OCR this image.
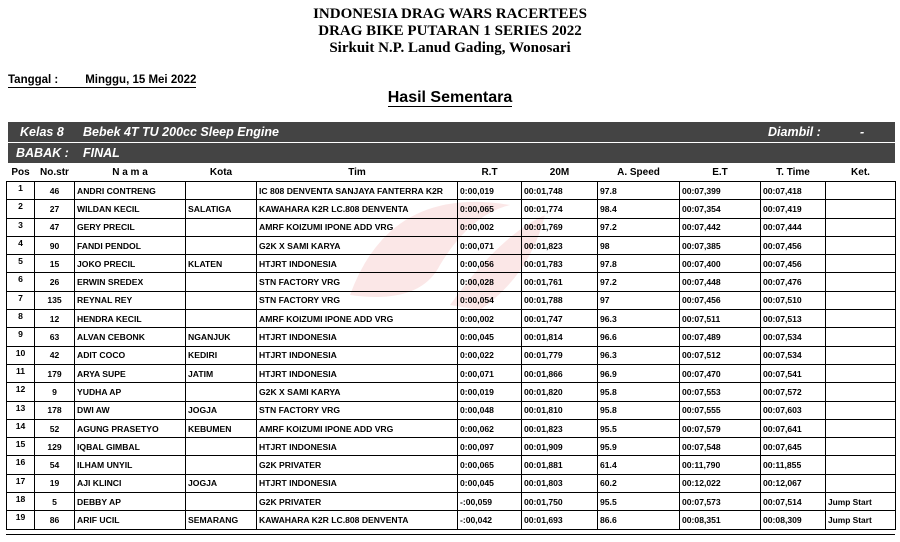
INDONESIA DRAG WARS RACERTEES
DRAG BIKE PUTARAN 1 SERIES 2022
Sirkuit N.P. Lanud Gading, Wonosari
Tanggal : Minggu, 15 Mei 2022
Hasil Sementara
Kelas 8 Bebek 4T TU 200cc Sleep Engine	Diambil :	-
BABAK : FINAL
Pos	No.str	N a m a	Kota	Tim	R.T	20M	A. Speed	E.T	T. Time	Ket.
1	46	ANDRI CONTRENG		IC 808 DENVENTA SANJAYA FANTERRA K2R	0:00,019	00:01,748	97.8	00:07,399	00:07,418	
2	27	WILDAN KECIL	SALATIGA	KAWAHARA K2R LC.808 DENVENTA	0:00,065	00:01,774	98.4	00:07,354	00:07,419	
3	47	GERY PRECIL		AMRF KOIZUMI IPONE ADD VRG	0:00,002	00:01,769	97.2	00:07,442	00:07,444	
4	90	FANDI PENDOL		G2K X SAMI KARYA	0:00,071	00:01,823	98	00:07,385	00:07,456	
5	15	JOKO PRECIL	KLATEN	HTJRT INDONESIA	0:00,056	00:01,783	97.8	00:07,400	00:07,456	
6	26	ERWIN SREDEX		STN FACTORY VRG	0:00,028	00:01,761	97.2	00:07,448	00:07,476	
7	135	REYNAL REY		STN FACTORY VRG	0:00,054	00:01,788	97	00:07,456	00:07,510	
8	12	HENDRA KECIL		AMRF KOIZUMI IPONE ADD VRG	0:00,002	00:01,747	96.3	00:07,511	00:07,513	
9	63	ALVAN CEBONK	NGANJUK	HTJRT INDONESIA	0:00,045	00:01,814	96.6	00:07,489	00:07,534	
10	42	ADIT COCO	KEDIRI	HTJRT INDONESIA	0:00,022	00:01,779	96.3	00:07,512	00:07,534	
11	179	ARYA SUPE	JATIM	HTJRT INDONESIA	0:00,071	00:01,866	96.9	00:07,470	00:07,541	
12	9	YUDHA AP		G2K X SAMI KARYA	0:00,019	00:01,820	95.8	00:07,553	00:07,572	
13	178	DWI AW	JOGJA	STN FACTORY VRG	0:00,048	00:01,810	95.8	00:07,555	00:07,603	
14	52	AGUNG PRASETYO	KEBUMEN	AMRF KOIZUMI IPONE ADD VRG	0:00,062	00:01,823	95.5	00:07,579	00:07,641	
15	129	IQBAL GIMBAL		HTJRT INDONESIA	0:00,097	00:01,909	95.9	00:07,548	00:07,645	
16	54	ILHAM UNYIL		G2K PRIVATER	0:00,065	00:01,881	61.4	00:11,790	00:11,855	
17	19	AJI KLINCI	JOGJA	HTJRT INDONESIA	0:00,045	00:01,803	60.2	00:12,022	00:12,067	
18	5	DEBBY AP		G2K PRIVATER	-:00,059	00:01,750	95.5	00:07,573	00:07,514	Jump Start
19	86	ARIF UCIL	SEMARANG	KAWAHARA K2R LC.808 DENVENTA	-:00,042	00:01,693	86.6	00:08,351	00:08,309	Jump Start
